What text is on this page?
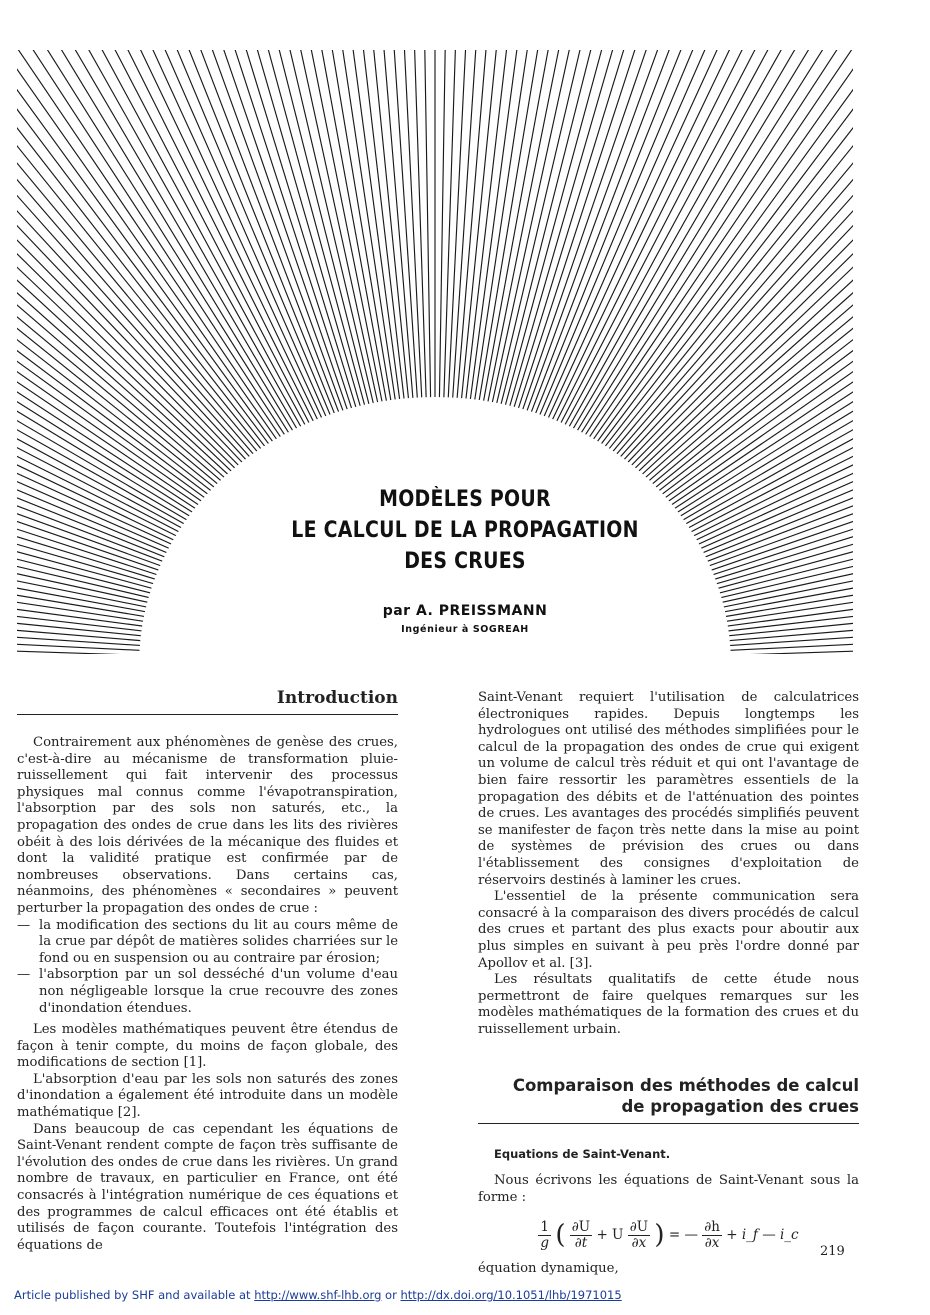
MODÈLES POUR
LE CALCUL DE LA PROPAGATION
DES CRUES
par A. PREISSMANN
Ingénieur à SOGREAH
Introduction

Contrairement aux phénomènes de genèse des crues, c'est-à-dire au mécanisme de transformation pluie-ruissellement qui fait intervenir des processus physiques mal connus comme l'évapotranspiration, l'absorption par des sols non saturés, etc., la propagation des ondes de crue dans les lits des rivières obéit à des lois dérivées de la mécanique des fluides et dont la validité pratique est confirmée par de nombreuses observations. Dans certains cas, néanmoins, des phénomènes « secondaires » peuvent perturber la propagation des ondes de crue :

— la modification des sections du lit au cours même de la crue par dépôt de matières solides charriées sur le fond ou en suspension ou au contraire par érosion;
— l'absorption par un sol desséché d'un volume d'eau non négligeable lorsque la crue recouvre des zones d'inondation étendues.

Les modèles mathématiques peuvent être étendus de façon à tenir compte, du moins de façon globale, des modifications de section [1].

L'absorption d'eau par les sols non saturés des zones d'inondation a également été introduite dans un modèle mathématique [2].

Dans beaucoup de cas cependant les équations de Saint-Venant rendent compte de façon très suffisante de l'évolution des ondes de crue dans les rivières. Un grand nombre de travaux, en particulier en France, ont été consacrés à l'intégration numérique de ces équations et des programmes de calcul efficaces ont été établis et utilisés de façon courante. Toutefois l'intégration des équations de

Saint-Venant requiert l'utilisation de calculatrices électroniques rapides. Depuis longtemps les hydrologues ont utilisé des méthodes simplifiées pour le calcul de la propagation des ondes de crue qui exigent un volume de calcul très réduit et qui ont l'avantage de bien faire ressortir les paramètres essentiels de la propagation des débits et de l'atténuation des pointes de crues. Les avantages des procédés simplifiés peuvent se manifester de façon très nette dans la mise au point de systèmes de prévision des crues ou dans l'établissement des consignes d'exploitation de réservoirs destinés à laminer les crues.

L'essentiel de la présente communication sera consacré à la comparaison des divers procédés de calcul des crues et partant des plus exacts pour aboutir aux plus simples en suivant à peu près l'ordre donné par Apollov et al. [3].

Les résultats qualitatifs de cette étude nous permettront de faire quelques remarques sur les modèles mathématiques de la formation des crues et du ruissellement urbain.

Comparaison des méthodes de calcul
de propagation des crues

Equations de Saint-Venant.

Nous écrivons les équations de Saint-Venant sous la forme :

$\frac{1}{g}$ ( $\frac{\partial U}{\partial t} + U \frac{\partial U}{\partial x}$ ) = — $\frac{\partial h}{\partial x}$ + i_f — i_c

équation dynamique,

219
Article published by SHF and available at http://www.shf-lhb.org or http://dx.doi.org/10.1051/lhb/1971015
